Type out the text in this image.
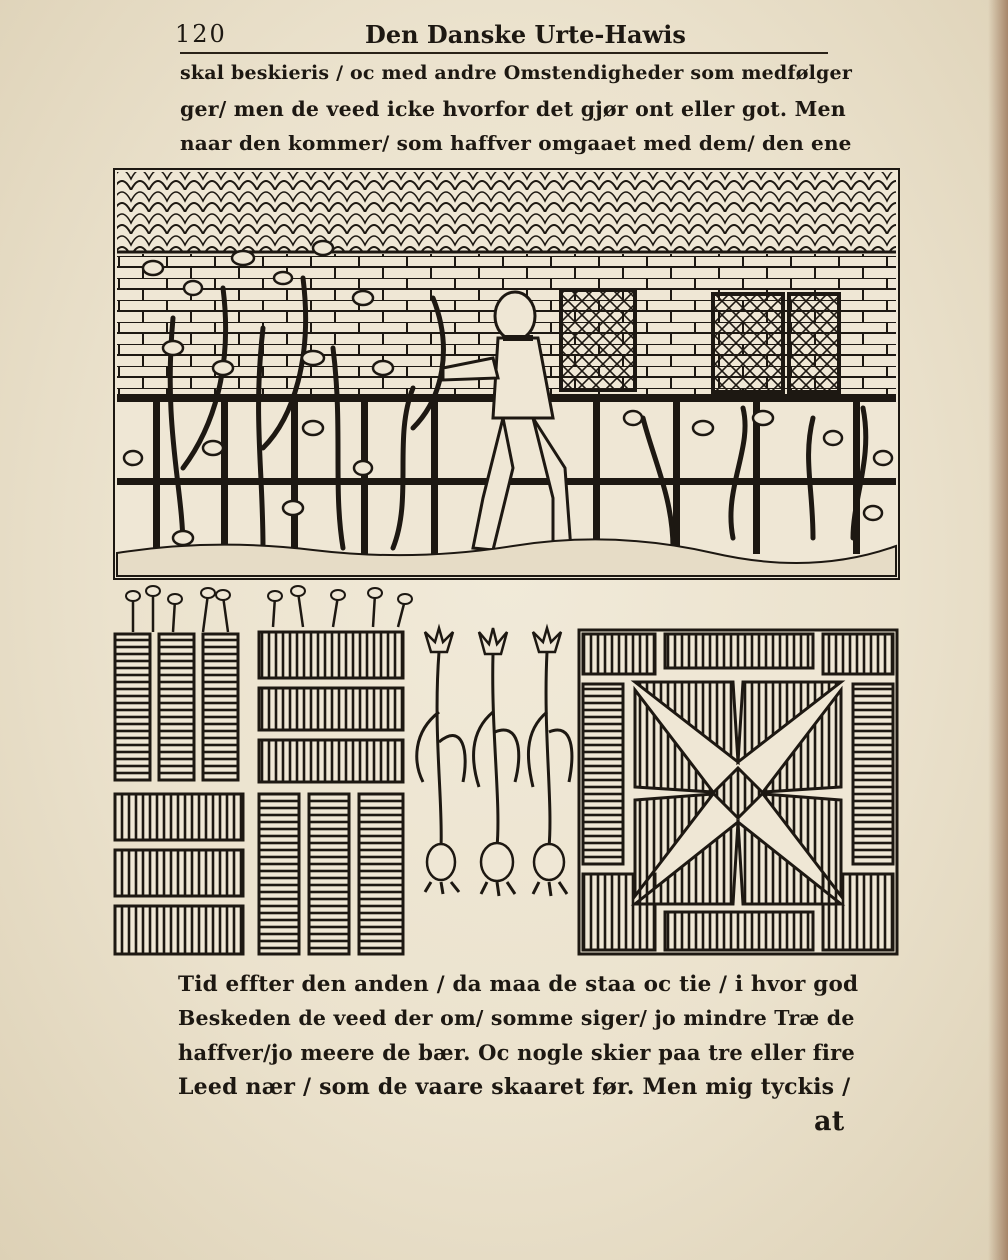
120	Den Danske Urte-Hawis
skal beskieris / oc med andre Omstendigheder som medfølger
ger/ men de veed icke hvorfor det gjør ont eller got. Men
naar den kommer/ som haffver omgaaet med dem/ den ene
Tid effter den anden / da maa de staa oc tie / i hvor god
Beskeden de veed der om/ somme siger/ jo mindre Træ de
haffver/jo meere de bær. Oc nogle skier paa tre eller fire
Leed nær / som de vaare skaaret før. Men mig tyckis /
at
